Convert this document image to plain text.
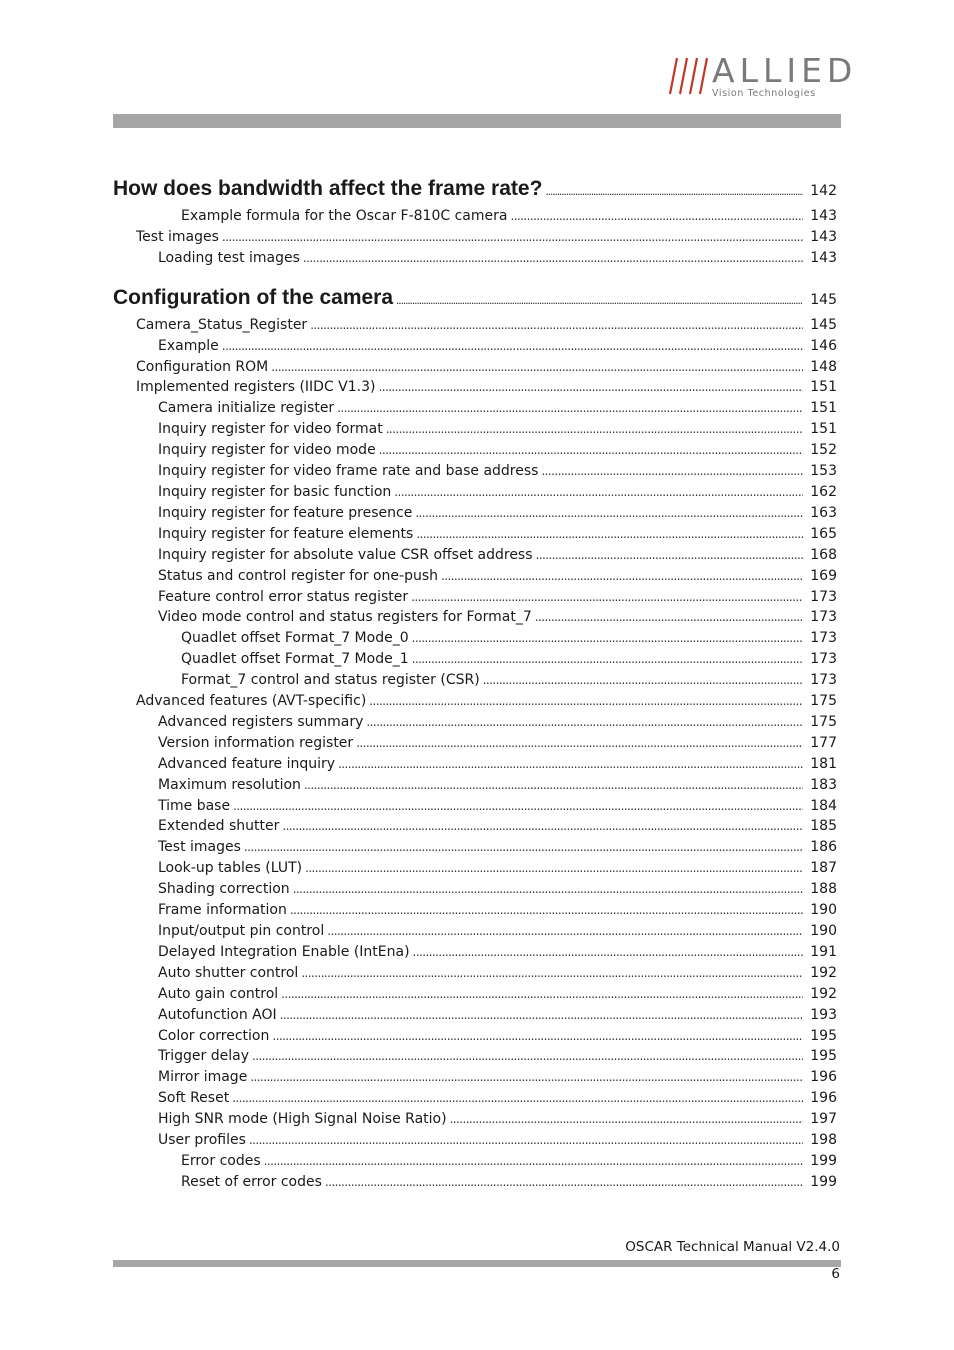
ALLIED
Vision Technologies
How does bandwidth affect the frame rate? . . .	142
Example formula for the Oscar F-810C camera . . .	143
Test images . . .	143
Loading test images . . .	143
Configuration of the camera . . .	145
Camera_Status_Register . . .	145
Example . . .	146
Configuration ROM . . .	148
Implemented registers (IIDC V1.3) . . .	151
Camera initialize register . . .	151
Inquiry register for video format . . .	151
Inquiry register for video mode . . .	152
Inquiry register for video frame rate and base address . . .	153
Inquiry register for basic function . . .	162
Inquiry register for feature presence . . .	163
Inquiry register for feature elements . . .	165
Inquiry register for absolute value CSR offset address . . .	168
Status and control register for one-push . . .	169
Feature control error status register . . .	173
Video mode control and status registers for Format_7 . . .	173
Quadlet offset Format_7 Mode_0 . . .	173
Quadlet offset Format_7 Mode_1 . . .	173
Format_7 control and status register (CSR) . . .	173
Advanced features (AVT-specific) . . .	175
Advanced registers summary . . .	175
Version information register . . .	177
Advanced feature inquiry . . .	181
Maximum resolution . . .	183
Time base . . .	184
Extended shutter . . .	185
Test images . . .	186
Look-up tables (LUT) . . .	187
Shading correction . . .	188
Frame information . . .	190
Input/output pin control . . .	190
Delayed Integration Enable (IntEna) . . .	191
Auto shutter control . . .	192
Auto gain control . . .	192
Autofunction AOI . . .	193
Color correction . . .	195
Trigger delay . . .	195
Mirror image . . .	196
Soft Reset . . .	196
High SNR mode (High Signal Noise Ratio) . . .	197
User profiles . . .	198
Error codes . . .	199
Reset of error codes . . .	199
OSCAR Technical Manual V2.4.0
6
